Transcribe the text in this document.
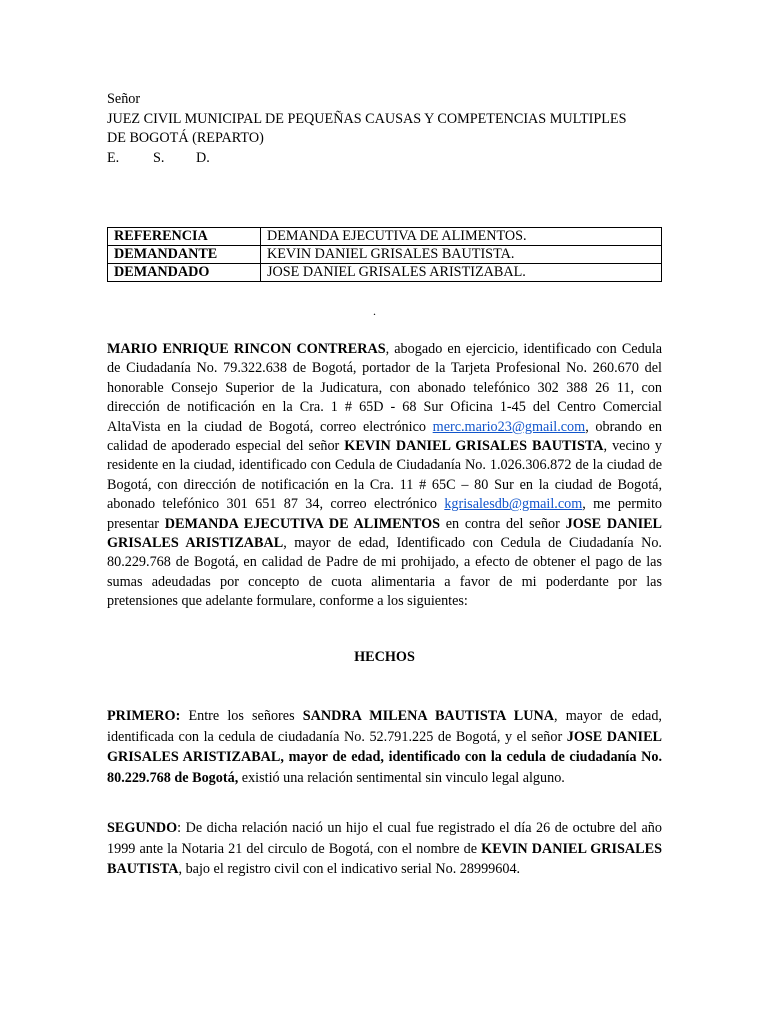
Señor
JUEZ CIVIL MUNICIPAL DE PEQUEÑAS CAUSAS Y COMPETENCIAS MULTIPLES
DE BOGOTÁ (REPARTO)
E. S. D.
REFERENCIA	DEMANDA EJECUTIVA DE ALIMENTOS.
DEMANDANTE	KEVIN DANIEL GRISALES BAUTISTA.
DEMANDADO	JOSE DANIEL GRISALES ARISTIZABAL.
.
MARIO ENRIQUE RINCON CONTRERAS, abogado en ejercicio, identificado con Cedula de Ciudadanía No. 79.322.638 de Bogotá, portador de la Tarjeta Profesional No. 260.670 del honorable Consejo Superior de la Judicatura, con abonado telefónico 302 388 26 11, con dirección de notificación en la Cra. 1 # 65D - 68 Sur Oficina 1-45 del Centro Comercial AltaVista en la ciudad de Bogotá, correo electrónico merc.mario23@gmail.com, obrando en calidad de apoderado especial del señor KEVIN DANIEL GRISALES BAUTISTA, vecino y residente en la ciudad, identificado con Cedula de Ciudadanía No. 1.026.306.872 de la ciudad de Bogotá, con dirección de notificación en la Cra. 11 # 65C – 80 Sur en la ciudad de Bogotá, abonado telefónico 301 651 87 34, correo electrónico kgrisalesdb@gmail.com, me permito presentar DEMANDA EJECUTIVA DE ALIMENTOS en contra del señor JOSE DANIEL GRISALES ARISTIZABAL, mayor de edad, Identificado con Cedula de Ciudadanía No. 80.229.768 de Bogotá, en calidad de Padre de mi prohijado, a efecto de obtener el pago de las sumas adeudadas por concepto de cuota alimentaria a favor de mi poderdante por las pretensiones que adelante formulare, conforme a los siguientes:
HECHOS
PRIMERO: Entre los señores SANDRA MILENA BAUTISTA LUNA, mayor de edad, identificada con la cedula de ciudadanía No. 52.791.225 de Bogotá, y el señor JOSE DANIEL GRISALES ARISTIZABAL, mayor de edad, identificado con la cedula de ciudadanía No. 80.229.768 de Bogotá, existió una relación sentimental sin vinculo legal alguno.
SEGUNDO: De dicha relación nació un hijo el cual fue registrado el día 26 de octubre del año 1999 ante la Notaria 21 del circulo de Bogotá, con el nombre de KEVIN DANIEL GRISALES BAUTISTA, bajo el registro civil con el indicativo serial No. 28999604.
